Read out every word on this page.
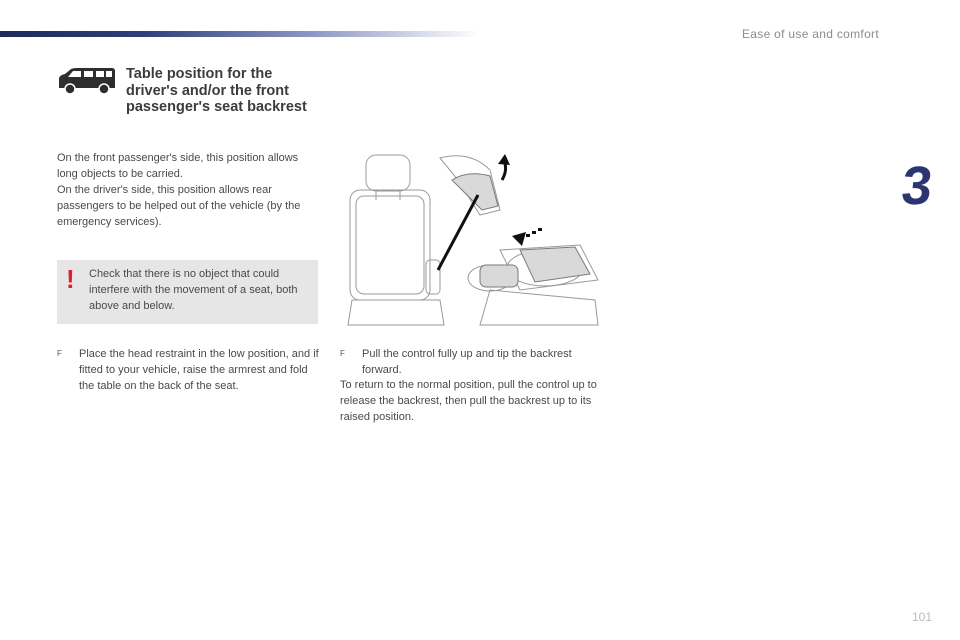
Ease of use and comfort
Table position for the driver's and/or the front passenger's seat backrest

On the front passenger's side, this position allows long objects to be carried.

On the driver's side, this position allows rear passengers to be helped out of the vehicle (by the emergency services).

! Check that there is no object that could interfere with the movement of a seat, both above and below.
F Place the head restraint in the low position, and if fitted to your vehicle, raise the armrest and fold the table on the back of the seat.
F Pull the control fully up and tip the backrest forward.
To return to the normal position, pull the control up to release the backrest, then pull the backrest up to its raised position.
3
101
